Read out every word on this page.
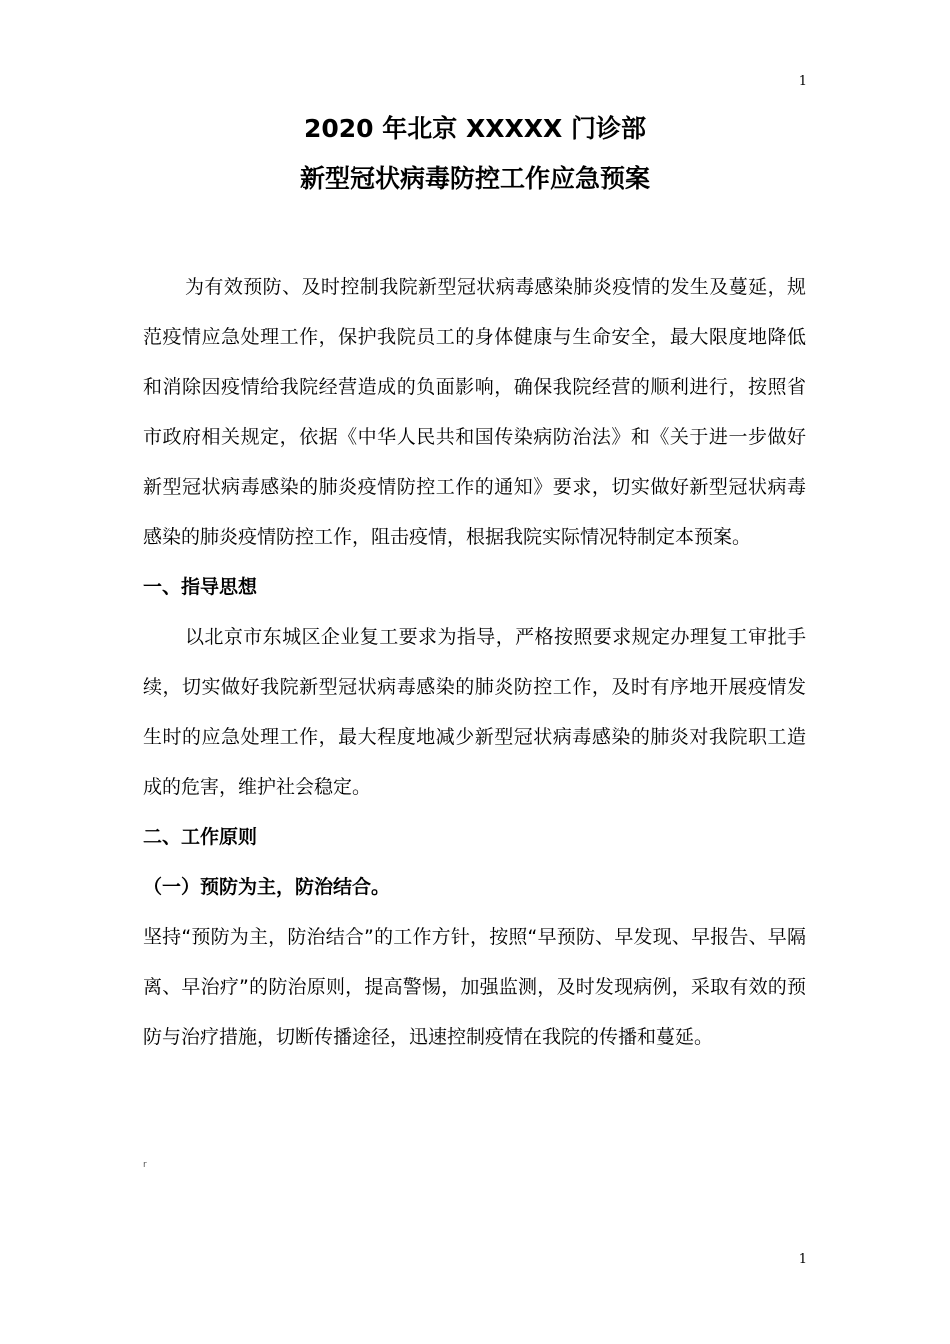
1
2020 年北京 XXXXX 门诊部
新型冠状病毒防控工作应急预案

为有效预防、及时控制我院新型冠状病毒感染肺炎疫情的发生及蔓延，规范疫情应急处理工作，保护我院员工的身体健康与生命安全，最大限度地降低和消除因疫情给我院经营造成的负面影响，确保我院经营的顺利进行，按照省市政府相关规定，依据《中华人民共和国传染病防治法》和《关于进一步做好新型冠状病毒感染的肺炎疫情防控工作的通知》要求，切实做好新型冠状病毒感染的肺炎疫情防控工作，阻击疫情，根据我院实际情况特制定本预案。

一、指导思想

以北京市东城区企业复工要求为指导，严格按照要求规定办理复工审批手续，切实做好我院新型冠状病毒感染的肺炎防控工作，及时有序地开展疫情发生时的应急处理工作，最大程度地减少新型冠状病毒感染的肺炎对我院职工造成的危害，维护社会稳定。

二、工作原则

（一）预防为主，防治结合。

坚持“预防为主，防治结合”的工作方针，按照“早预防、早发现、早报告、早隔离、早治疗”的防治原则，提高警惕，加强监测，及时发现病例，采取有效的预防与治疗措施，切断传播途径，迅速控制疫情在我院的传播和蔓延。

r
1
